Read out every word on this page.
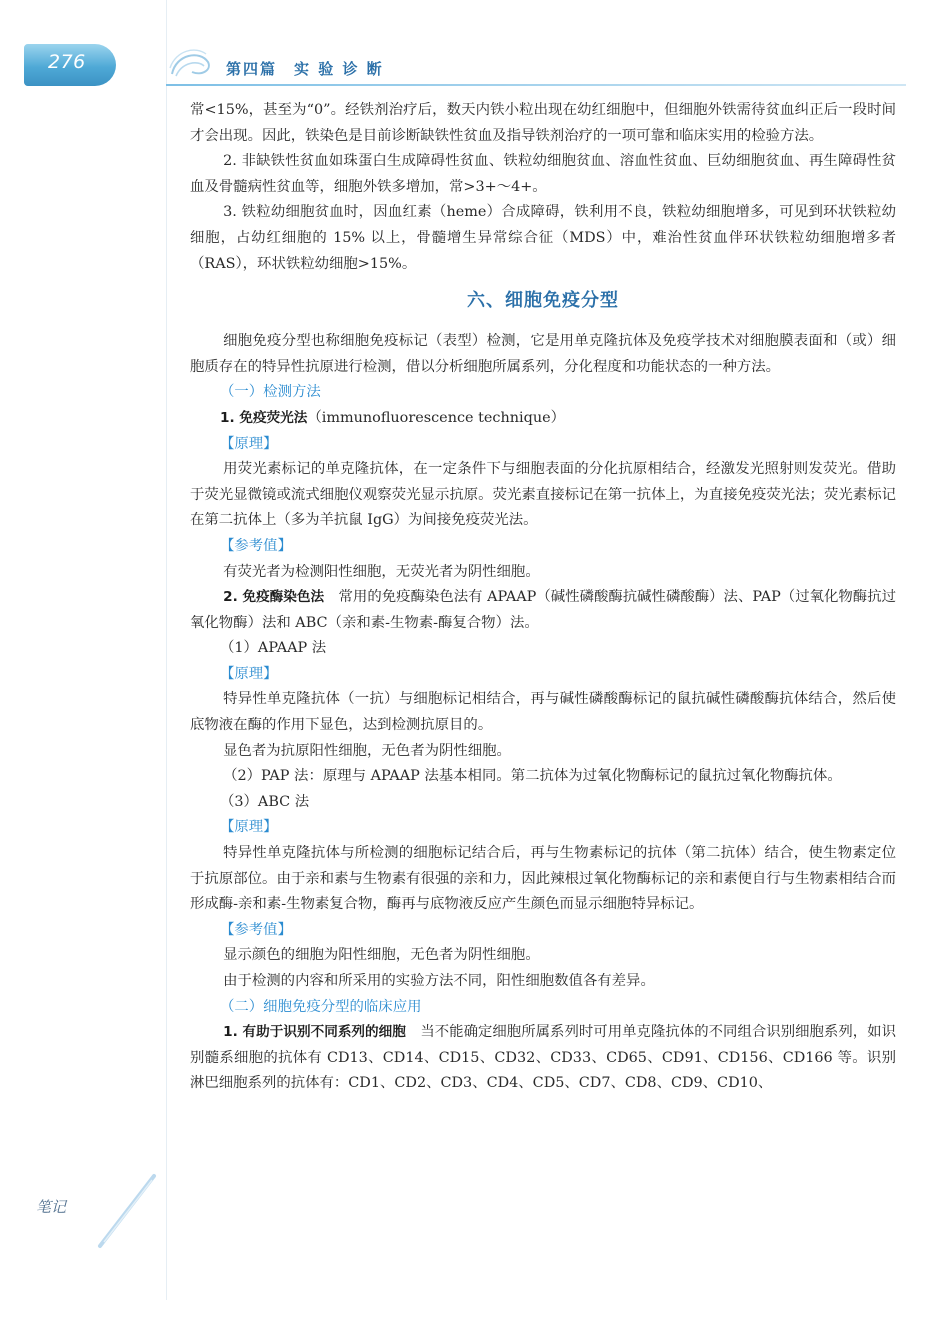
276	第四篇　实 验 诊 断

常<15%，甚至为“0”。经铁剂治疗后，数天内铁小粒出现在幼红细胞中，但细胞外铁需待贫血纠正后一段时间才会出现。因此，铁染色是目前诊断缺铁性贫血及指导铁剂治疗的一项可靠和临床实用的检验方法。

2. 非缺铁性贫血如珠蛋白生成障碍性贫血、铁粒幼细胞贫血、溶血性贫血、巨幼细胞贫血、再生障碍性贫血及骨髓病性贫血等，细胞外铁多增加，常>3+～4+。

3. 铁粒幼细胞贫血时，因血红素（heme）合成障碍，铁利用不良，铁粒幼细胞增多，可见到环状铁粒幼细胞，占幼红细胞的 15% 以上，骨髓增生异常综合征（MDS）中，难治性贫血伴环状铁粒幼细胞增多者（RAS），环状铁粒幼细胞>15%。

六、细胞免疫分型

细胞免疫分型也称细胞免疫标记（表型）检测，它是用单克隆抗体及免疫学技术对细胞膜表面和（或）细胞质存在的特异性抗原进行检测，借以分析细胞所属系列，分化程度和功能状态的一种方法。

（一）检测方法

1. 免疫荧光法（immunofluorescence technique）

【原理】

用荧光素标记的单克隆抗体，在一定条件下与细胞表面的分化抗原相结合，经激发光照射则发荧光。借助于荧光显微镜或流式细胞仪观察荧光显示抗原。荧光素直接标记在第一抗体上，为直接免疫荧光法；荧光素标记在第二抗体上（多为羊抗鼠 IgG）为间接免疫荧光法。

【参考值】

有荧光者为检测阳性细胞，无荧光者为阴性细胞。

2. 免疫酶染色法　常用的免疫酶染色法有 APAAP（碱性磷酸酶抗碱性磷酸酶）法、PAP（过氧化物酶抗过氧化物酶）法和 ABC（亲和素-生物素-酶复合物）法。

（1）APAAP 法

【原理】

特异性单克隆抗体（一抗）与细胞标记相结合，再与碱性磷酸酶标记的鼠抗碱性磷酸酶抗体结合，然后使底物液在酶的作用下显色，达到检测抗原目的。

显色者为抗原阳性细胞，无色者为阴性细胞。

（2）PAP 法：原理与 APAAP 法基本相同。第二抗体为过氧化物酶标记的鼠抗过氧化物酶抗体。

（3）ABC 法

【原理】

特异性单克隆抗体与所检测的细胞标记结合后，再与生物素标记的抗体（第二抗体）结合，使生物素定位于抗原部位。由于亲和素与生物素有很强的亲和力，因此辣根过氧化物酶标记的亲和素便自行与生物素相结合而形成酶-亲和素-生物素复合物，酶再与底物液反应产生颜色而显示细胞特异标记。

【参考值】

显示颜色的细胞为阳性细胞，无色者为阴性细胞。

由于检测的内容和所采用的实验方法不同，阳性细胞数值各有差异。

（二）细胞免疫分型的临床应用

1. 有助于识别不同系列的细胞　当不能确定细胞所属系列时可用单克隆抗体的不同组合识别细胞系列，如识别髓系细胞的抗体有 CD13、CD14、CD15、CD32、CD33、CD65、CD91、CD156、CD166 等。识别淋巴细胞系列的抗体有：CD1、CD2、CD3、CD4、CD5、CD7、CD8、CD9、CD10、

笔记
